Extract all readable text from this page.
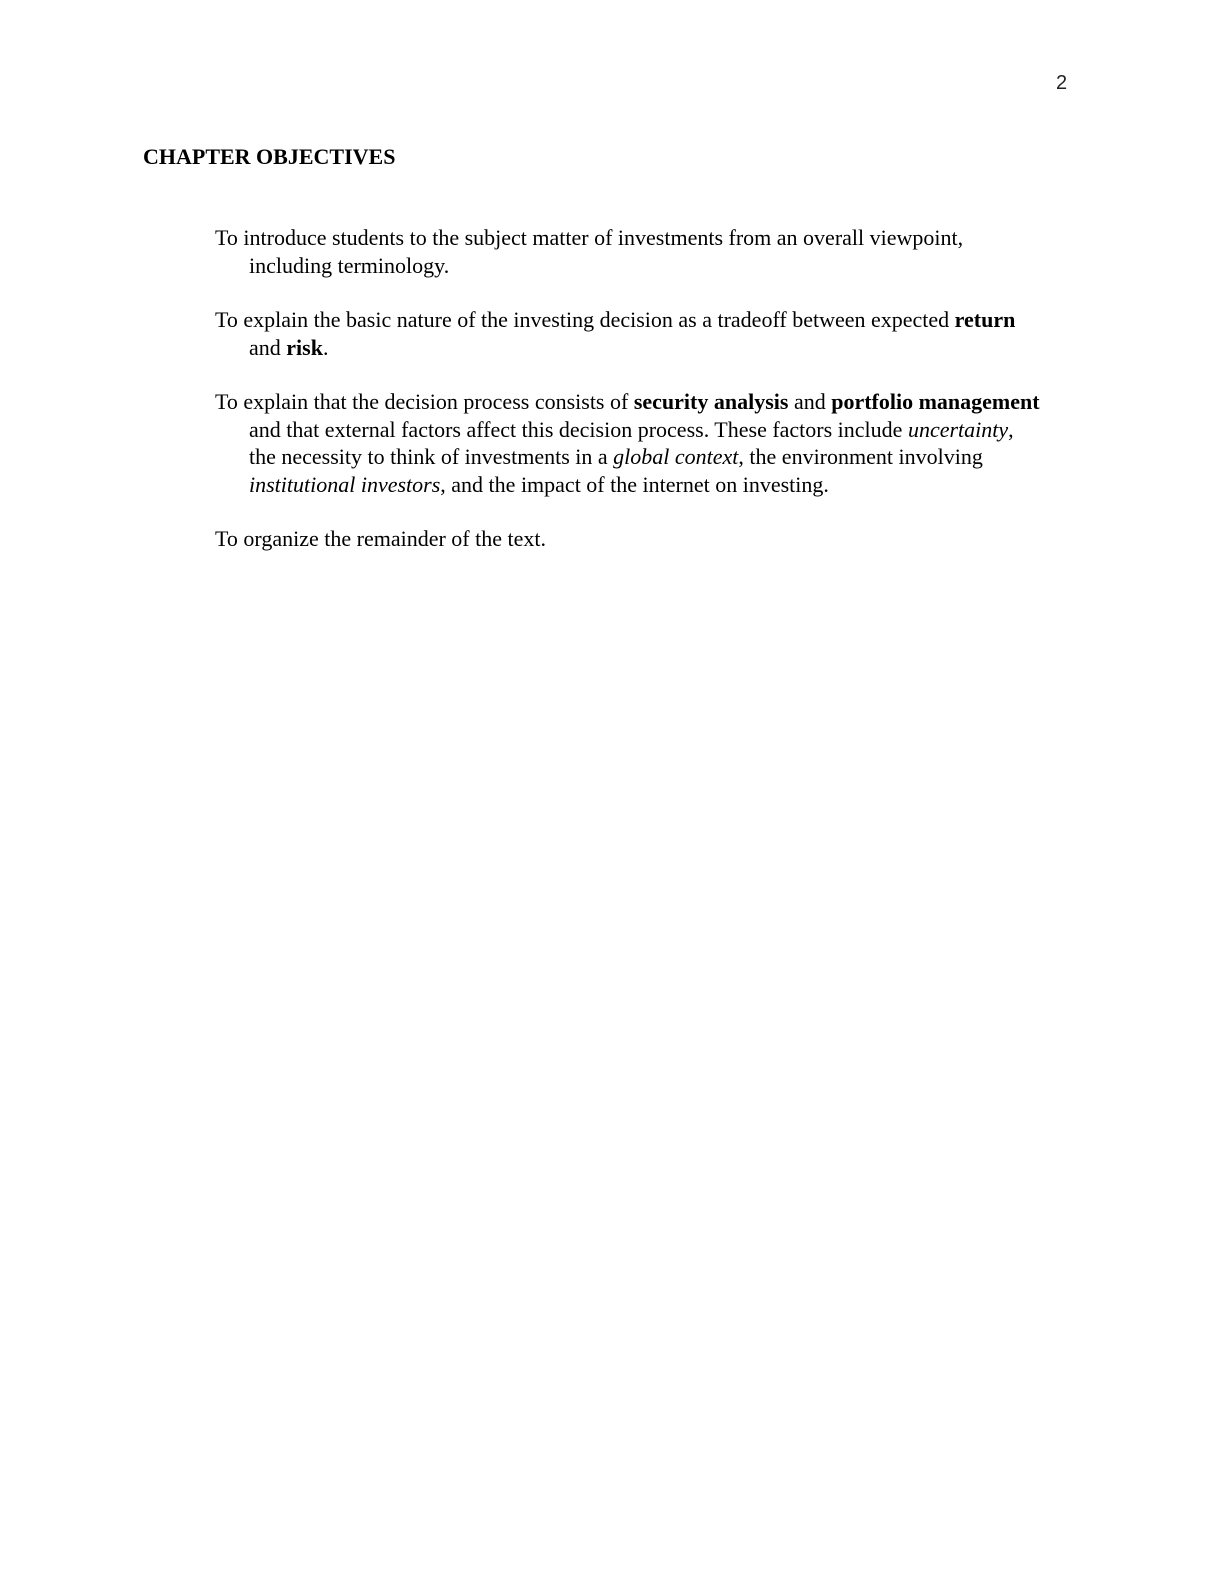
2
CHAPTER OBJECTIVES
To introduce students to the subject matter of investments from an overall viewpoint, including terminology.
To explain the basic nature of the investing decision as a tradeoff between expected return and risk.
To explain that the decision process consists of security analysis and portfolio management and that external factors affect this decision process. These factors include uncertainty, the necessity to think of investments in a global context, the environment involving institutional investors, and the impact of the internet on investing.
To organize the remainder of the text.
